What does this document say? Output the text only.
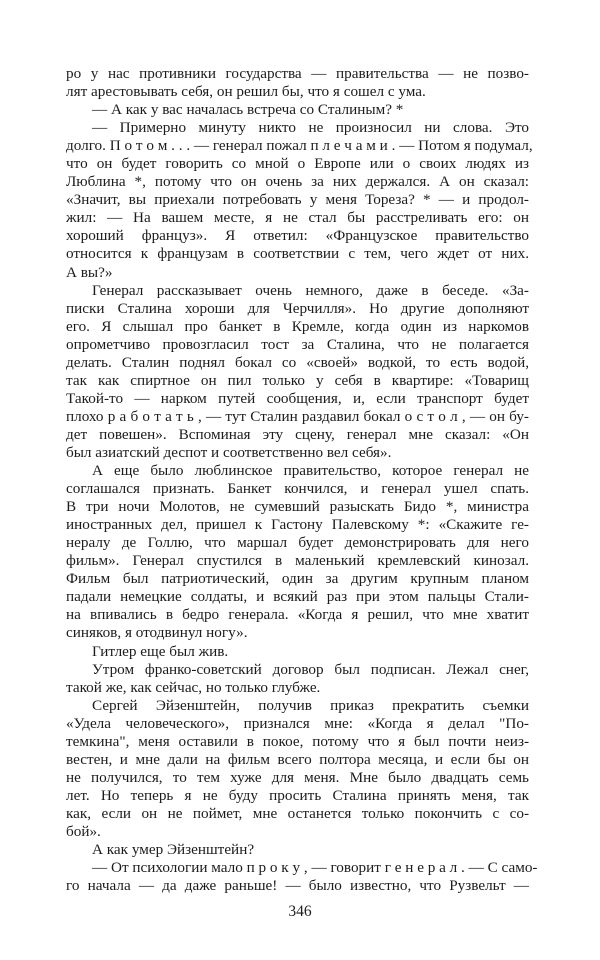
ро у нас противники государства — правительства — не позво-
лят арестовывать себя, он решил бы, что я сошел с ума.
— А как у вас началась встреча со Сталиным? *
— Примерно минуту никто не произносил ни слова. Это
долго. П о т о м . . . — генерал пожал п л е ч а м и . — Потом я подумал,
что он будет говорить со мной о Европе или о своих людях из
Люблина *, потому что он очень за них держался. А он сказал:
«Значит, вы приехали потребовать у меня Тореза? * — и продол-
жил: — На вашем месте, я не стал бы расстреливать его: он
хороший француз». Я ответил: «Французское правительство
относится к французам в соответствии с тем, чего ждет от них.
А вы?»
Генерал рассказывает очень немного, даже в беседе. «За-
писки Сталина хороши для Черчилля». Но другие дополняют
его. Я слышал про банкет в Кремле, когда один из наркомов
опрометчиво провозгласил тост за Сталина, что не полагается
делать. Сталин поднял бокал со «своей» водкой, то есть водой,
так как спиртное он пил только у себя в квартире: «Товарищ
Такой-то — нарком путей сообщения, и, если транспорт будет
плохо р а б о т а т ь , — тут Сталин раздавил бокал о с т о л , — он бу-
дет повешен». Вспоминая эту сцену, генерал мне сказал: «Он
был азиатский деспот и соответственно вел себя».
А еще было люблинское правительство, которое генерал не
соглашался признать. Банкет кончился, и генерал ушел спать.
В три ночи Молотов, не сумевший разыскать Бидо *, министра
иностранных дел, пришел к Гастону Палевскому *: «Скажите ге-
нералу де Голлю, что маршал будет демонстрировать для него
фильм». Генерал спустился в маленький кремлевский кинозал.
Фильм был патриотический, один за другим крупным планом
падали немецкие солдаты, и всякий раз при этом пальцы Стали-
на впивались в бедро генерала. «Когда я решил, что мне хватит
синяков, я отодвинул ногу».
Гитлер еще был жив.
Утром франко-советский договор был подписан. Лежал снег,
такой же, как сейчас, но только глубже.
Сергей Эйзенштейн, получив приказ прекратить съемки
«Удела человеческого», признался мне: «Когда я делал "По-
темкина", меня оставили в покое, потому что я был почти неиз-
вестен, и мне дали на фильм всего полтора месяца, и если бы он
не получился, то тем хуже для меня. Мне было двадцать семь
лет. Но теперь я не буду просить Сталина принять меня, так
как, если он не поймет, мне останется только покончить с со-
бой».
А как умер Эйзенштейн?
— От психологии мало п р о к у , — говорит г е н е р а л . — С само-
го начала — да даже раньше! — было известно, что Рузвельт —
346
